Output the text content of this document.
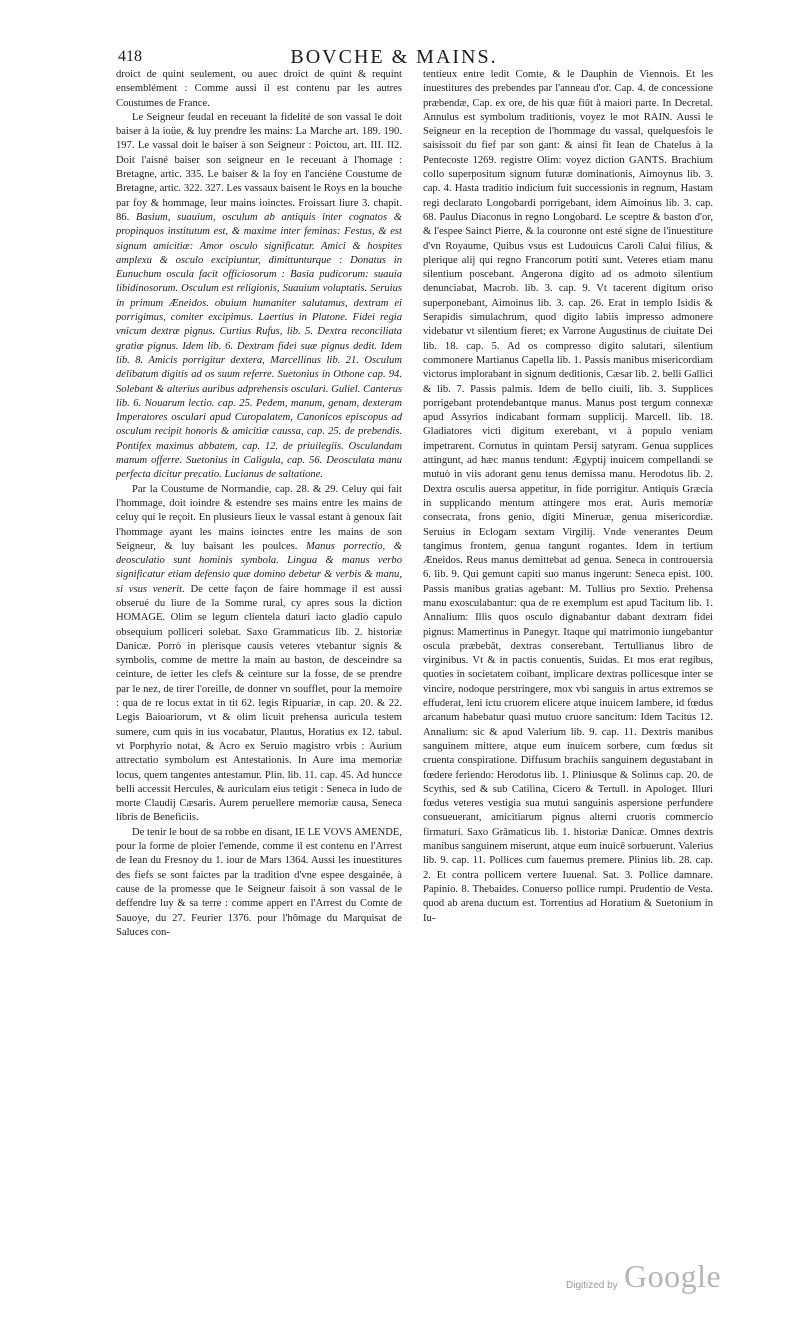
418	BOVCHE & MAINS.

droict de quint seulement, ou auec droict de quint & requint ensemblément : Comme aussi il est contenu par les autres Coustumes de France.

Le Seigneur feudal en receuant la fidelité de son vassal le doit baiser à la ioüe, & luy prendre les mains: La Marche art. 189. 190. 197. Le vassal doit le baiser à son Seigneur : Poictou, art. III. II2. Doit l'aisné baiser son seigneur en le receuant à l'homage : Bretagne, artic. 335. Le baiser & la foy en l'anciéne Coustume de Bretagne, artic. 322. 327. Les vassaux baisent le Roys en la bouche par foy & hommage, leur mains ioinctes. Froissart liure 3. chapit. 86. Basium, suauium, osculum ab antiquis inter cognatos & propinquos institutum est, & maxime inter feminas: Festus, & est signum amicitiæ: Amor osculo significatur. Amici & hospites amplexu & osculo excipiuntur, dimittunturque : Donatus in Eunuchum oscula facit officiosorum : Basia pudicorum: suauia libidinosorum. Osculum est religionis, Suauium voluptatis. Seruius in primum Æneidos. obuium humaniter salutamus, dextram ei porrigimus, comiter excipimus. Laertius in Platone. Fidei regia vnicum dextræ pignus. Curtius Rufus, lib. 5. Dextra reconciliata gratiæ pignus. Idem lib. 6. Dextram fidei suæ pignus dedit. Idem lib. 8. Amicis porrigitur dextera, Marcellinus lib. 21. Osculum delibatum digitis ad os suum referre. Suetonius in Othone cap. 94. Solebant & alterius auribus adprehensis osculari. Guliel. Canterus lib. 6. Nouarum lectio. cap. 25. Pedem, manum, genam, dexteram Imperatores osculari apud Curopalatem, Canonicos episcopus ad osculum recipit honoris & amicitiæ caussa, cap. 25. de prebendis. Pontifex maximus abbatem, cap. 12. de priuilegiis. Osculandam manum offerre. Suetonius in Caligula, cap. 56. Deosculata manu perfecta dicitur precatio. Lucianus de saltatione.

Par la Coustume de Normandie, cap. 28. & 29. Celuy qui fait l'hommage, doit ioindre & estendre ses mains entre les mains de celuy qui le reçoit. En plusieurs lieux le vassal estant à genoux fait l'hommage ayant les mains ioinctes entre les mains de son Seigneur, & luy baisant les poulces. Manus porrectio, & deosculatio sunt hominis symbola. Lingua & manus verbo significatur etiam defensio quæ domino debetur & verbis & manu, si vsus venerit. De cette façon de faire hommage il est aussi obserué du liure de la Somme rural, cy apres sous la diction HOMAGE. Olim se legum clientela daturi iacto gladio capulo obsequium polliceri solebat. Saxo Grammaticus lib. 2. historiæ Danicæ. Porrò in plerisque causis veteres vtebantur signis & symbolis, comme de mettre la main au baston, de desceindre sa ceinture, de ietter les clefs & ceinture sur la fosse, de se prendre par le nez, de tirer l'oreille, de donner vn soufflet, pour la memoire : qua de re locus extat in tit 62. legis Ripuariæ, in cap. 20. & 22. Legis Baioariorum, vt & olim licuit prehensa auricula testem sumere, cum quis in ius vocabatur, Plautus, Horatius ex 12. tabul. vt Porphyrio notat, & Acro ex Seruio magistro vrbis : Aurium attrectatio symbolum est Antestationis. In Aure ima memoriæ locus, quem tangentes antestamur. Plin. lib. 11. cap. 45. Ad huncce belli accessit Hercules, & auriculam eius tetigit : Seneca in ludo de morte Claudij Cæsaris. Aurem peruellere memoriæ causa, Seneca libris de Beneficiis.

De tenir le bout de sa robbe en disant, IE LE VOVS AMENDE, pour la forme de ploier l'emende, comme il est contenu en l'Arrest de Iean du Fresnoy du 1. iour de Mars 1364. Aussi les inuestitures des fiefs se sont faictes par la tradition d'vne espee desgainée, à cause de la promesse que le Seigneur faisoit à son vassal de le deffendre luy & sa terre : comme appert en l'Arrest du Comte de Sauoye, du 27. Feurier 1376. pour l'hômage du Marquisat de Saluces con-

tentieux entre ledit Comte, & le Dauphin de Viennois. Et les inuestitures des prebendes par l'anneau d'or. Cap. 4. de concessione præbendæ, Cap. ex ore, de his quæ fiūt à maiori parte. In Decretal. Annulus est symbolum traditionis, voyez le mot RAIN. Aussi le Seigneur en la reception de l'hommage du vassal, quelquesfois le saisissoit du fief par son gant: & ainsi fit Iean de Chatelus à la Pentecoste 1269. registre Olim: voyez diction GANTS. Brachium collo superpositum signum futuræ dominationis, Aimoynus lib. 3. cap. 4. Hasta traditio indicium fuit successionis in regnum, Hastam regi declarato Longobardi porrigebant, idem Aimoinus lib. 3. cap. 68. Paulus Diaconus in regno Longobard. Le sceptre & baston d'or, & l'espee Sainct Pierre, & la couronne ont esté signe de l'inuestiture d'vn Royaume, Quibus vsus est Ludouicus Caroli Calui filius, & plerique alij qui regno Francorum potiti sunt. Veteres etiam manu silentium poscebant. Angerona digito ad os admoto silentium denunciabat, Macrob. lib. 3. cap. 9. Vt tacerent digitum oriso superponebant, Aimoinus lib. 3. cap. 26. Erat in templo Isidis & Serapidis simulachrum, quod digito labiis impresso admonere videbatur vt silentium fieret; ex Varrone Augustinus de ciuitate Dei lib. 18. cap. 5. Ad os compresso digito salutari, silentium commonere Martianus Capella lib. 1. Passis manibus misericordiam victorus implorabant in signum deditionis, Cæsar lib. 2. belli Gallici & lib. 7. Passis palmis. Idem de bello ciuili, lib. 3. Supplices porrigebant protendebantque manus. Manus post tergum connexæ apud Assyrios indicabant formam supplicij. Marcell. lib. 18. Gladiatores victi digitum exerebant, vt à populo veniam impetrarent. Cornutus in quintam Persij satyram. Genua supplices attingunt, ad hæc manus tendunt: Ægyptij inuicem compellandi se mutuò in viis adorant genu tenus demissa manu. Herodotus lib. 2. Dextra osculis auersa appetitur, in fide porrigitur. Antiquis Græcia in supplicando mentum attingere mos erat. Auris memoriæ consecrata, frons genio, digiti Mineruæ, genua misericordiæ. Seruius in Eclogam sextam Virgilij. Vnde venerantes Deum tangimus frontem, genua tangunt rogantes. Idem in tertium Æneidos. Reus manus demittebat ad genua. Seneca in controuersia 6. lib. 9. Qui gemunt capiti suo manus ingerunt: Seneca epist. 100. Passis manibus gratias agebant: M. Tullius pro Sextio. Prehensa manu exosculabantur: qua de re exemplum est apud Tacitum lib. 1. Annalium: Illis quos osculo dignabantur dabant dextram fidei pignus: Mamertinus in Panegyr. Itaque qui matrimonio iungebantur oscula præbebāt, dextras conserebant. Tertullianus libro de virginibus. Vt & in pactis conuentis, Suidas. Et mos erat regibus, quoties in societatem coibant, implicare dextras pollicesque inter se vincire, nodoque perstringere, mox vbi sanguis in artus extremos se effuderat, leni ictu cruorem elicere atque inuicem lambere, id fœdus arcanum habebatur quasi mutuo cruore sancitum: Idem Tacitus 12. Annalium: sic & apud Valerium lib. 9. cap. 11. Dextris manibus sanguinem mittere, atque eum inuicem sorbere, cum fœdus sit cruenta conspiratione. Diffusum brachiis sanguinem degustabant in fœdere feriendo: Herodotus lib. 1. Pliniusque & Solinus cap. 20. de Scythis, sed & sub Catilina, Cicero & Tertull. in Apologet. Illuri fœdus veteres vestigia sua mutui sanguinis aspersione perfundere consueuerant, amicitiarum pignus alterni cruoris commercio firmaturi. Saxo Grāmaticus lib. 1. historiæ Danicæ. Omnes dextris manibus sanguinem miserunt, atque eum inuicē sorbuerunt. Valerius lib. 9. cap. 11. Pollices cum fauemus premere. Plinius lib. 28. cap. 2. Et contra pollicem vertere Iuuenal. Sat. 3. Pollice damnare. Papinio. 8. Thebaides. Conuerso pollice rumpi. Prudentio de Vesta. quod ab arena ductum est. Torrentius ad Horatium & Suetonium in Iu-

Digitized by Google
